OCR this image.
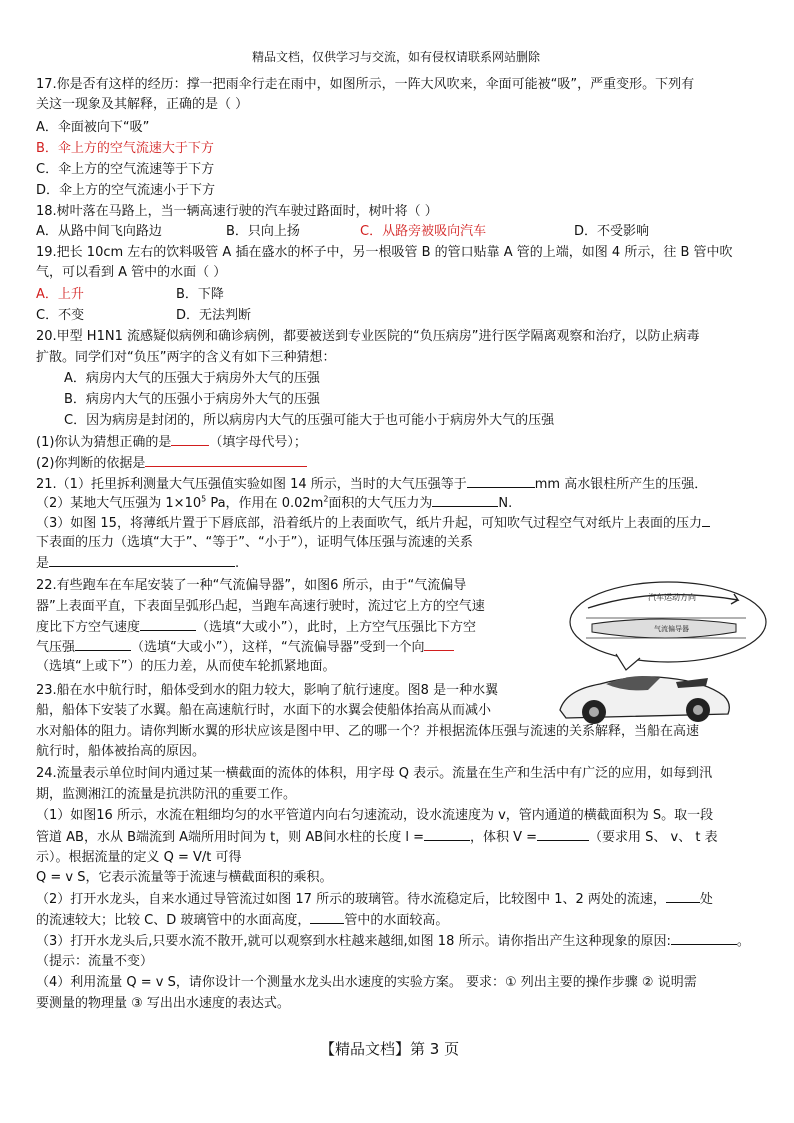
精品文档，仅供学习与交流，如有侵权请联系网站删除
17.你是否有这样的经历：撑一把雨伞行走在雨中，如图所示，一阵大风吹来，伞面可能被“吸”，严重变形。下列有
关这一现象及其解释，正确的是（ ）
A．伞面被向下“吸”
B．伞上方的空气流速大于下方
C．伞上方的空气流速等于下方
D．伞上方的空气流速小于下方
18.树叶落在马路上，当一辆高速行驶的汽车驶过路面时，树叶将（ ）
A．从路中间飞向路边	B．只向上扬	C．从路旁被吸向汽车	D．不受影响
19.把长 10cm 左右的饮料吸管 A 插在盛水的杯子中，另一根吸管 B 的管口贴靠 A 管的上端，如图 4 所示，往 B 管中吹
气，可以看到 A 管中的水面（ ）
A．上升	B．下降
C．不变	D．无法判断
20.甲型 H1N1 流感疑似病例和确诊病例，都要被送到专业医院的“负压病房”进行医学隔离观察和治疗，以防止病毒
扩散。同学们对“负压”两字的含义有如下三种猜想：
A．病房内大气的压强大于病房外大气的压强
B．病房内大气的压强小于病房外大气的压强
C．因为病房是封闭的，所以病房内大气的压强可能大于也可能小于病房外大气的压强
(1)你认为猜想正确的是	（填字母代号）；
(2)你判断的依据是
21.（1）托里拆利测量大气压强值实验如图 14 所示，当时的大气压强等于	mm 高水银柱所产生的压强．
（2）某地大气压强为 $1\times 10^5$ Pa，作用在 $0.02m^2$面积的大气压力为	N.
（3）如图 15，将薄纸片置于下唇底部，沿着纸片的上表面吹气，纸片升起，可知吹气过程空气对纸片上表面的压力
下表面的压力（选填“大于”、“等于”、“小于”），证明气体压强与流速的关系
是	.
22.有些跑车在车尾安装了一种“气流偏导器”，如图6 所示，由于“气流偏导
器”上表面平直，下表面呈弧形凸起，当跑车高速行驶时，流过它上方的空气速
度比下方空气速度	（选填“大或小”），此时，上方空气压强比下方空
气压强	（选填“大或小”），这样，“气流偏导器”受到一个向
（选填“上或下”）的压力差，从而使车轮抓紧地面。
汽车运动方向
气流偏导器
23.船在水中航行时，船体受到水的阻力较大，影响了航行速度。图8 是一种水翼
船，船体下安装了水翼。船在高速航行时，水面下的水翼会使船体抬高从而减小
水对船体的阻力。请你判断水翼的形状应该是图中甲、乙的哪一个？并根据流体压强与流速的关系解释，当船在高速
航行时，船体被抬高的原因。
24.流量表示单位时间内通过某一横截面的流体的体积，用字母 Q 表示。流量在生产和生活中有广泛的应用，如每到汛
期，监测湘江的流量是抗洪防汛的重要工作。
（1）如图16 所示，水流在粗细均匀的水平管道内向右匀速流动，设水流速度为 v，管内通道的横截面积为 S。取一段
管道 AB，水从 B端流到 A端所用时间为 t，则 AB间水柱的长度 l =	，体积 V =	（要求用 S、 v、 t 表
示）。根据流量的定义 Q = V/t 可得
Q = v S，它表示流量等于流速与横截面积的乘积。
（2）打开水龙头，自来水通过导管流过如图 17 所示的玻璃管。待水流稳定后，比较图中 1、2 两处的流速，	处
的流速较大；比较 C、D 玻璃管中的水面高度，	管中的水面较高。
（3）打开水龙头后,只要水流不散开,就可以观察到水柱越来越细,如图 18 所示。请你指出产生这种现象的原因:	。
（提示：流量不变）
（4）利用流量 Q = v S，请你设计一个测量水龙头出水速度的实验方案。 要求：① 列出主要的操作步骤 ② 说明需
要测量的物理量 ③ 写出出水速度的表达式。
【精品文档】第 3 页
